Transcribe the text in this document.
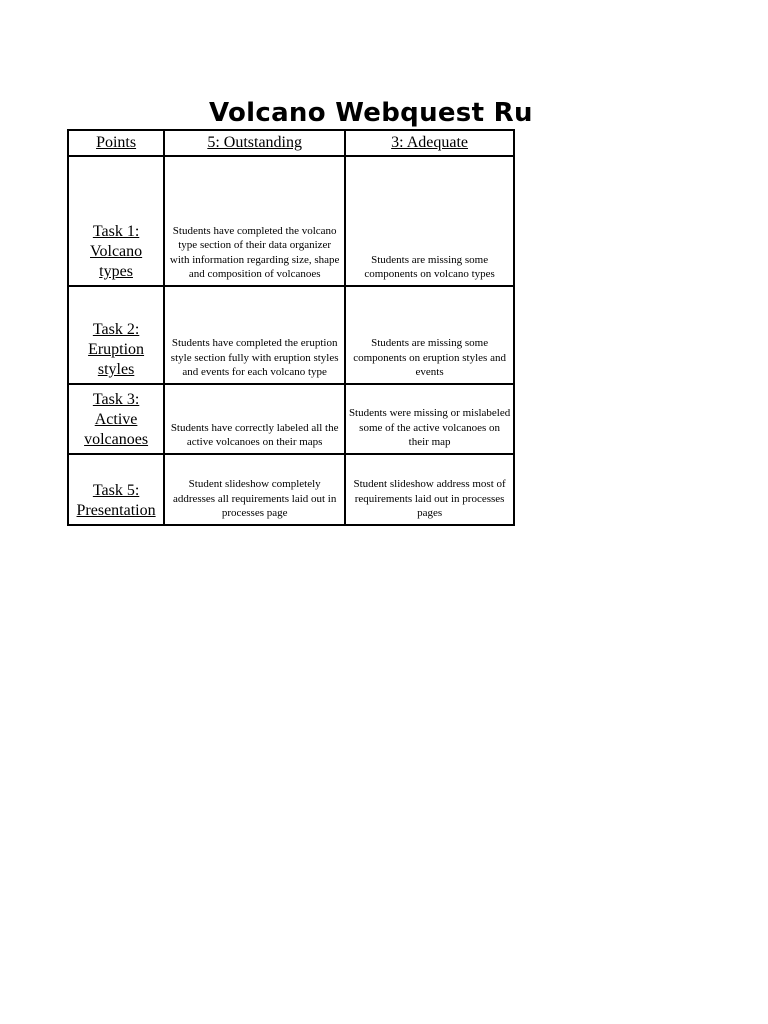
Volcano Webquest Ru
Points	5: Outstanding	3: Adequate

Task 1:
Volcano
types	Students have completed the volcano type section of their data organizer with information regarding size, shape and composition of volcanoes	Students are missing some components on volcano types

Task 2:
Eruption
styles	Students have completed the eruption style section fully with eruption styles and events for each volcano type	Students are missing some components on eruption styles and events

Task 3:
Active
volcanoes	Students have correctly labeled all the active volcanoes on their maps	Students were missing or mislabeled some of the active volcanoes on their map

Task 5:
Presentation	Student slideshow completely addresses all requirements laid out in processes page	Student slideshow address most of requirements laid out in processes pages
